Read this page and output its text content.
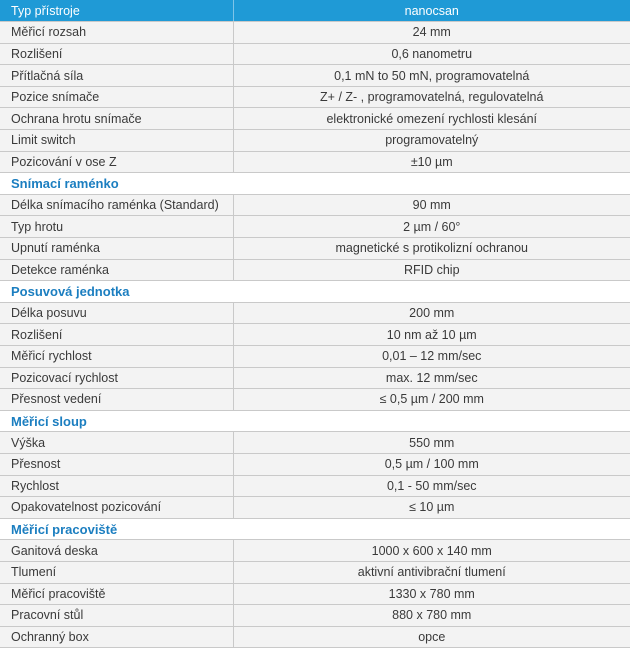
Typ přístroje	nanocsan
Měřicí rozsah	24 mm
Rozlišení	0,6 nanometru
Přítlačná síla	0,1 mN to 50 mN, programovatelná
Pozice snímače	Z+ / Z- , programovatelná, regulovatelná
Ochrana hrotu snímače	elektronické omezení rychlosti klesání
Limit switch	programovatelný
Pozicování v ose Z	±10 µm
Snímací raménko	
Délka snímacího raménka (Standard)	90 mm
Typ hrotu	2 µm / 60°
Upnutí raménka	magnetické s protikolizní ochranou
Detekce raménka	RFID chip
Posuvová jednotka	
Délka posuvu	200 mm
Rozlišení	10 nm až 10 µm
Měřicí rychlost	0,01 – 12 mm/sec
Pozicovací rychlost	max. 12 mm/sec
Přesnost vedení	≤ 0,5 µm / 200 mm
Měřicí sloup	
Výška	550 mm
Přesnost	0,5 µm / 100 mm
Rychlost	0,1 - 50 mm/sec
Opakovatelnost pozicování	≤ 10 µm
Měřicí pracoviště	
Ganitová deska	1000 x 600 x 140 mm
Tlumení	aktivní antivibrační tlumení
Měřicí pracoviště	1330 x 780 mm
Pracovní stůl	880 x 780 mm
Ochranný box	opce
